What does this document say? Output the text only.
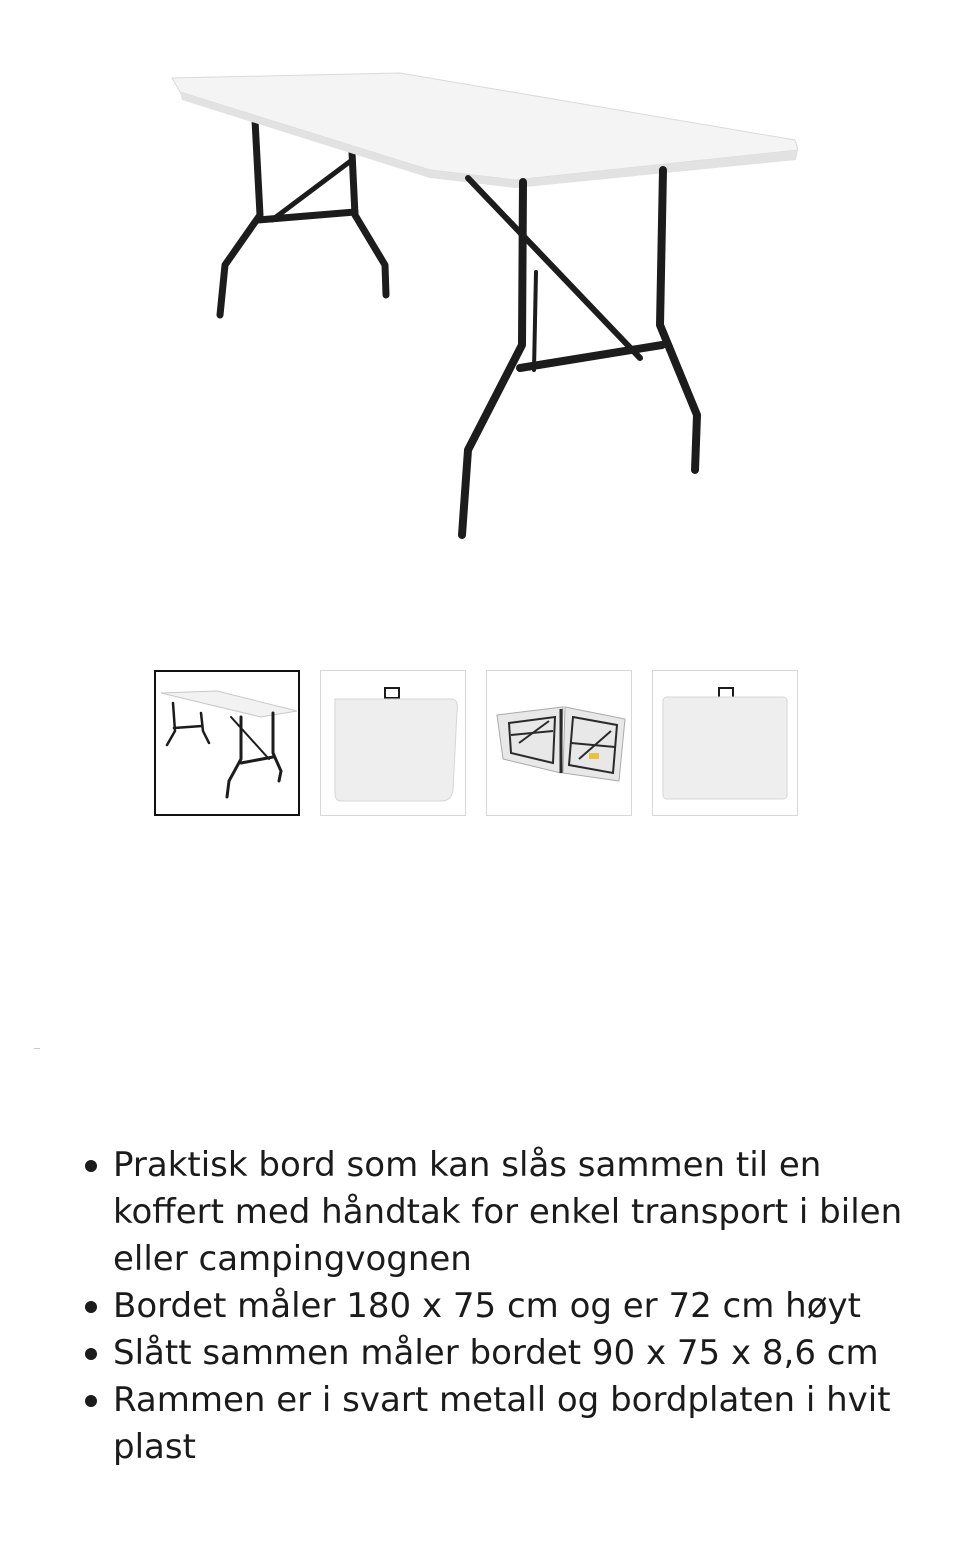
Praktisk bord som kan slås sammen til en koffert med håndtak for enkel transport i bilen eller campingvognen
Bordet måler 180 x 75 cm og er 72 cm høyt
Slått sammen måler bordet 90 x 75 x 8,6 cm
Rammen er i svart metall og bordplaten i hvit plast
